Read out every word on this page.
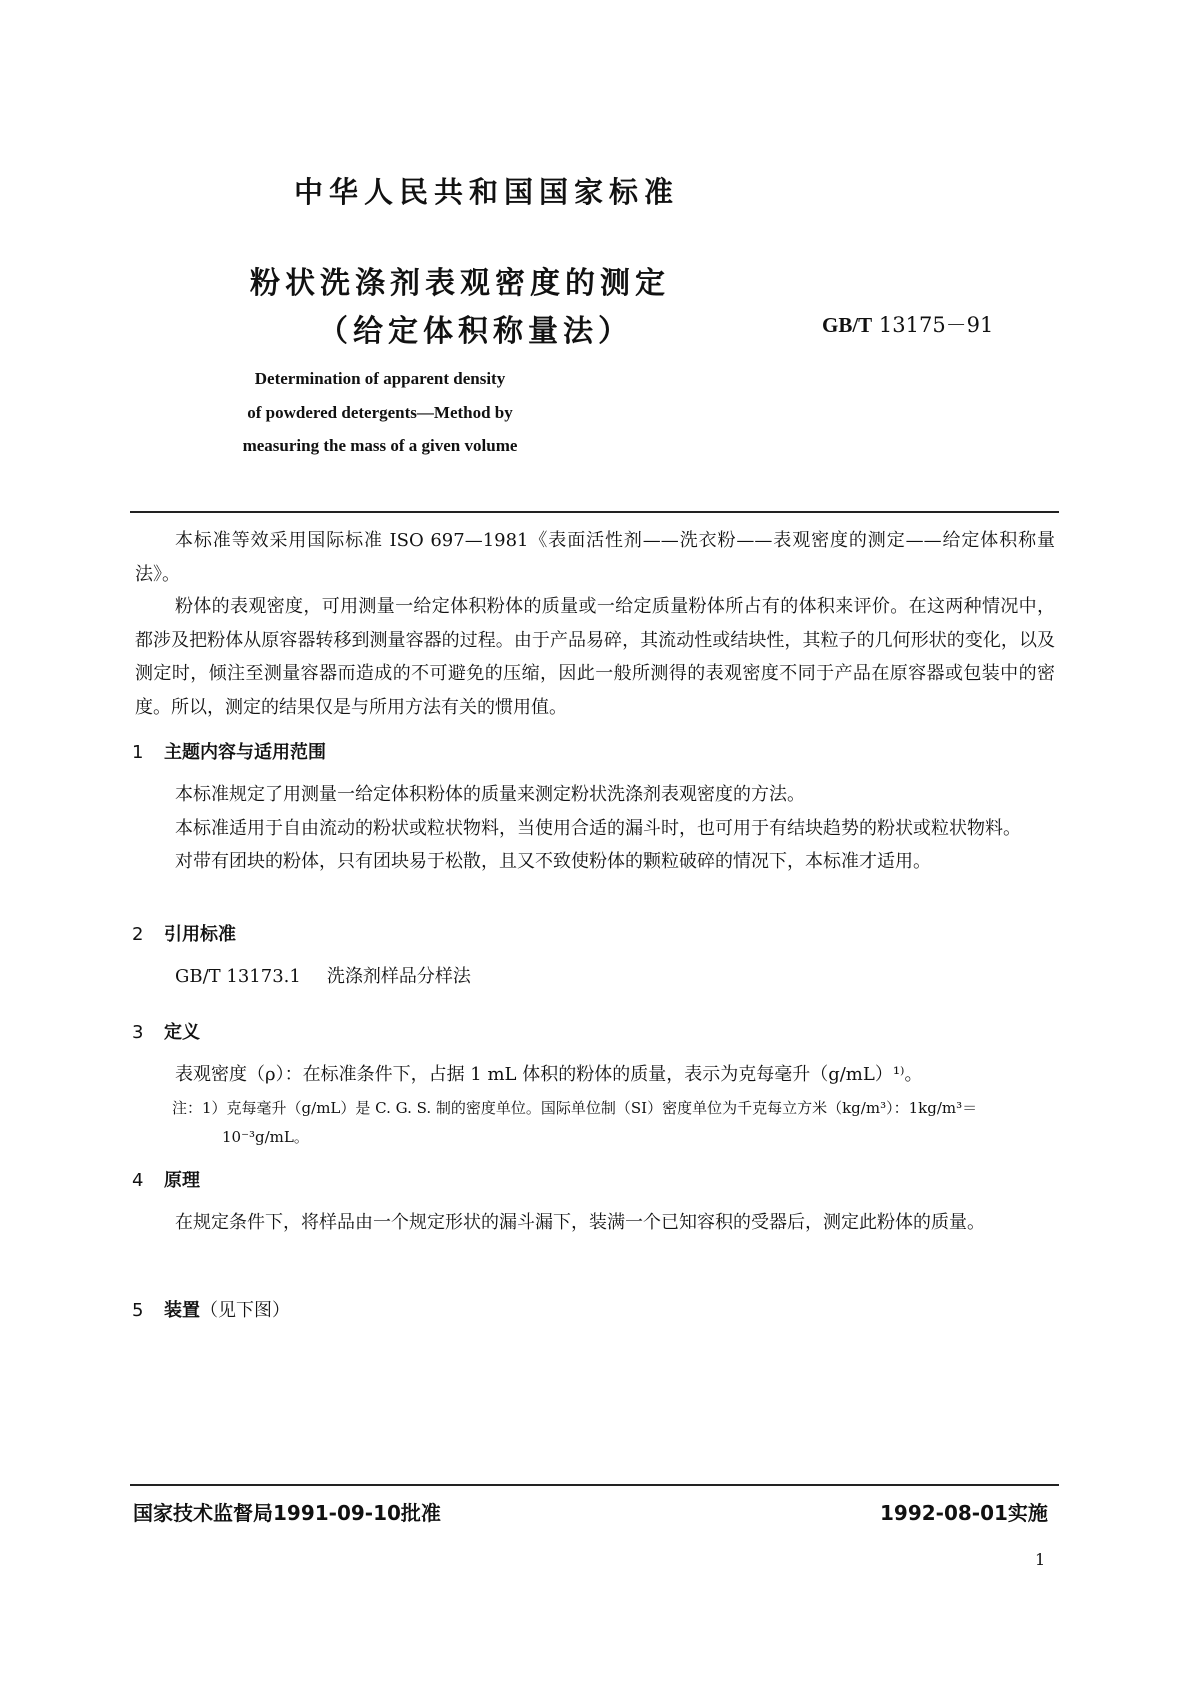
中华人民共和国国家标准
粉状洗涤剂表观密度的测定
（给定体积称量法）	GB/T 13175－91
Determination of apparent density
of powdered detergents—Method by
measuring the mass of a given volume

本标准等效采用国际标准 ISO 697—1981《表面活性剂——洗衣粉——表观密度的测定——给定体积称量法》。

粉体的表观密度，可用测量一给定体积粉体的质量或一给定质量粉体所占有的体积来评价。在这两种情况中，都涉及把粉体从原容器转移到测量容器的过程。由于产品易碎，其流动性或结块性，其粒子的几何形状的变化，以及测定时，倾注至测量容器而造成的不可避免的压缩，因此一般所测得的表观密度不同于产品在原容器或包装中的密度。所以，测定的结果仅是与所用方法有关的惯用值。

1 主题内容与适用范围

本标准规定了用测量一给定体积粉体的质量来测定粉状洗涤剂表观密度的方法。

本标准适用于自由流动的粉状或粒状物料，当使用合适的漏斗时，也可用于有结块趋势的粉状或粒状物料。

对带有团块的粉体，只有团块易于松散，且又不致使粉体的颗粒破碎的情况下，本标准才适用。

2 引用标准

GB/T 13173.1 洗涤剂样品分样法

3 定义

表观密度（ρ）：在标准条件下，占据 1 mL 体积的粉体的质量，表示为克每毫升（g/mL）¹⁾。

注：1）克每毫升（g/mL）是 C. G. S. 制的密度单位。国际单位制（SI）密度单位为千克每立方米（kg/m³）：1kg/m³＝
10⁻³g/mL。
4 原理

在规定条件下，将样品由一个规定形状的漏斗漏下，装满一个已知容积的受器后，测定此粉体的质量。

5 装置（见下图）
国家技术监督局1991-09-10批准	1992-08-01实施
1
